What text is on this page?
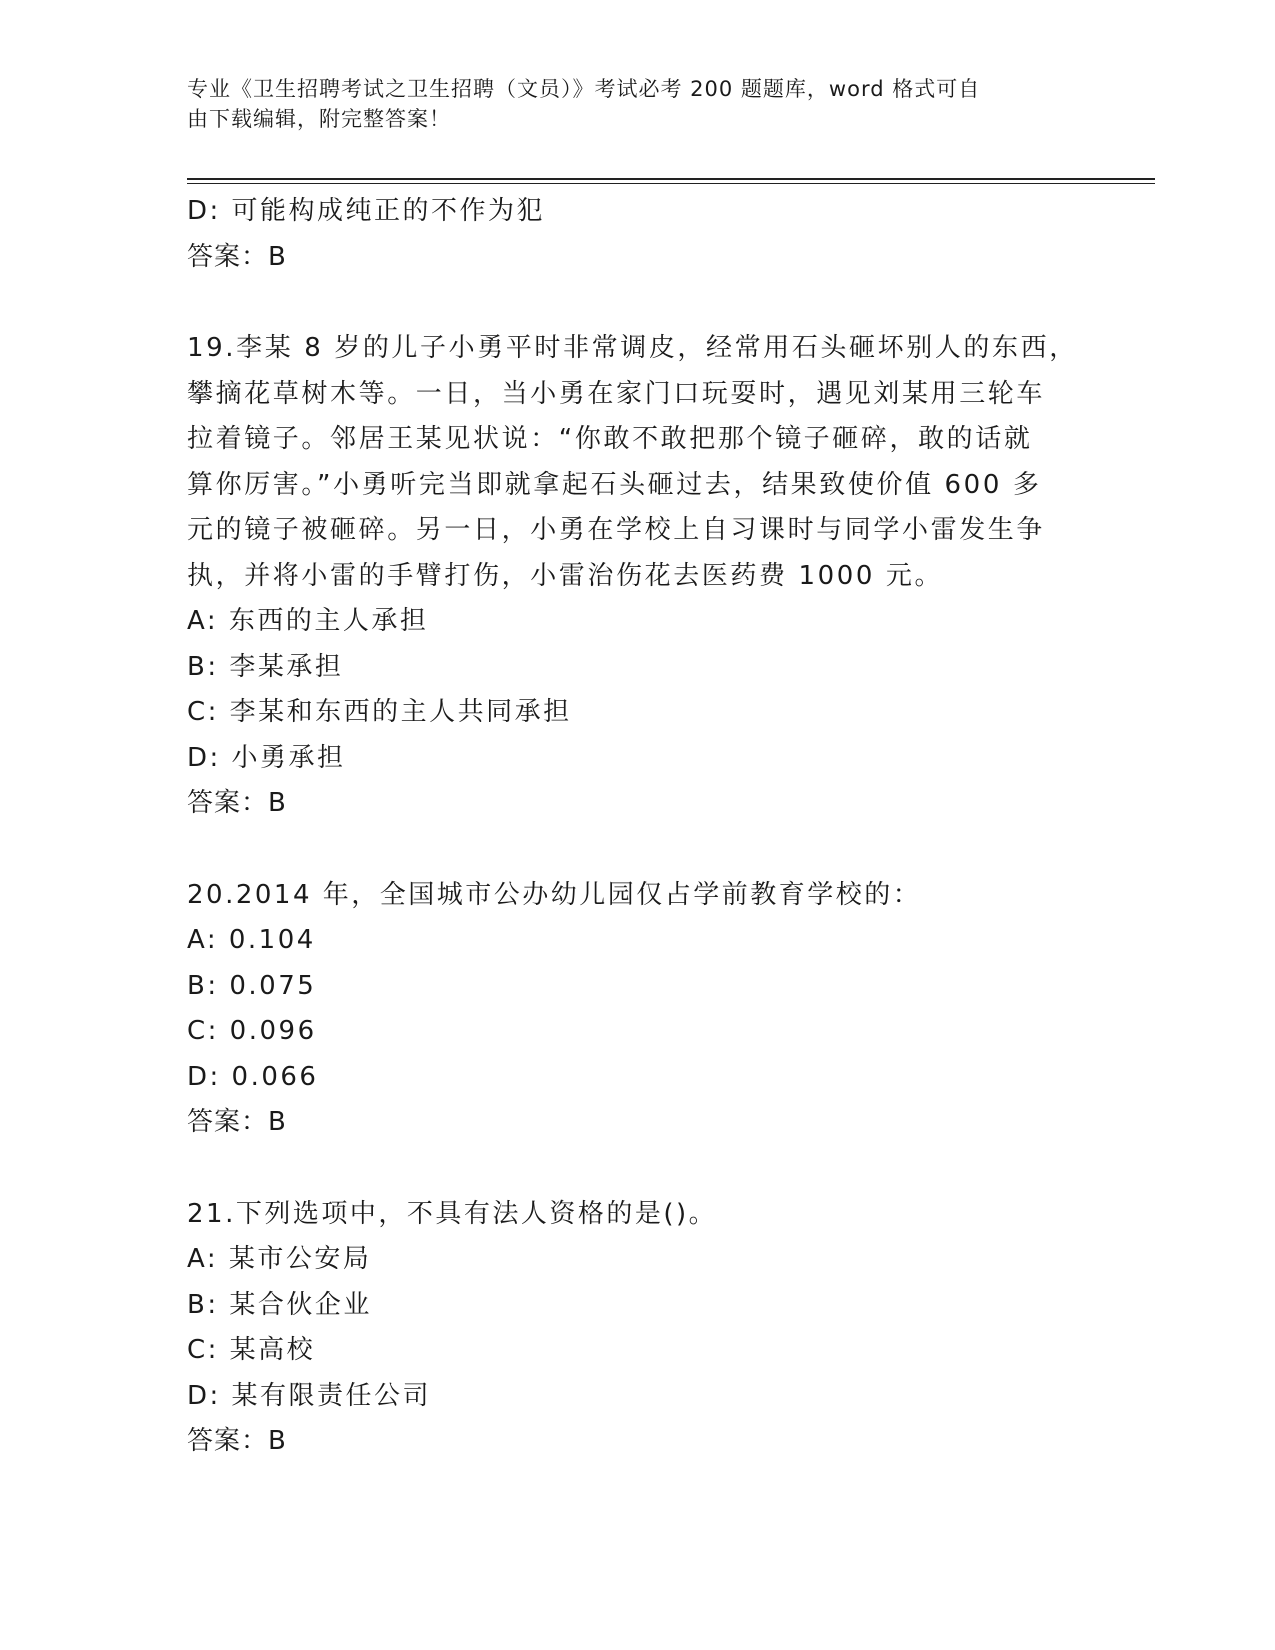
专业《卫生招聘考试之卫生招聘（文员）》考试必考 200 题题库，word 格式可自
由下载编辑，附完整答案！
D: 可能构成纯正的不作为犯
答案：B
19.李某 8 岁的儿子小勇平时非常调皮，经常用石头砸坏别人的东西，
攀摘花草树木等。一日，当小勇在家门口玩耍时，遇见刘某用三轮车
拉着镜子。邻居王某见状说：“你敢不敢把那个镜子砸碎，敢的话就
算你厉害。”小勇听完当即就拿起石头砸过去，结果致使价值 600 多
元的镜子被砸碎。另一日，小勇在学校上自习课时与同学小雷发生争
执，并将小雷的手臂打伤，小雷治伤花去医药费 1000 元。
A: 东西的主人承担
B: 李某承担
C: 李某和东西的主人共同承担
D: 小勇承担
答案：B
20.2014 年，全国城市公办幼儿园仅占学前教育学校的：
A: 0.104
B: 0.075
C: 0.096
D: 0.066
答案：B
21.下列选项中，不具有法人资格的是()。
A: 某市公安局
B: 某合伙企业
C: 某高校
D: 某有限责任公司
答案：B
